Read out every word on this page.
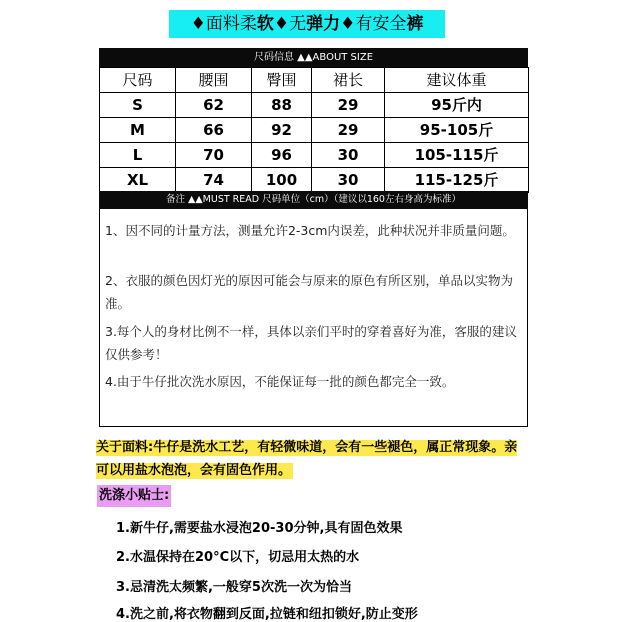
♦面料柔软♦无弹力♦有安全裤
尺码信息 ▲▲ABOUT SIZE
尺码	腰围	臀围	裙长	建议体重
S	62	88	29	95斤内
M	66	92	29	95-105斤
L	70	96	30	105-115斤
XL	74	100	30	115-125斤
备注 ▲▲MUST READ 尺码单位（cm）（建议以160左右身高为标准）

1、因不同的计量方法，测量允许2-3cm内误差，此种状况并非质量问题。

2、衣服的颜色因灯光的原因可能会与原来的原色有所区别，单品以实物为准。

3.每个人的身材比例不一样，具体以亲们平时的穿着喜好为准，客服的建议仅供参考！

4.由于牛仔批次洗水原因，不能保证每一批的颜色都完全一致。

关于面料:牛仔是洗水工艺，有轻微味道，会有一些褪色，属正常现象。亲可以用盐水泡泡，会有固色作用。
洗涤小贴士:
1.新牛仔,需要盐水浸泡20-30分钟,具有固色效果
2.水温保持在20°C以下，切忌用太热的水
3.忌清洗太频繁,一般穿5次洗一次为恰当
4.洗之前,将衣物翻到反面,拉链和纽扣锁好,防止变形
